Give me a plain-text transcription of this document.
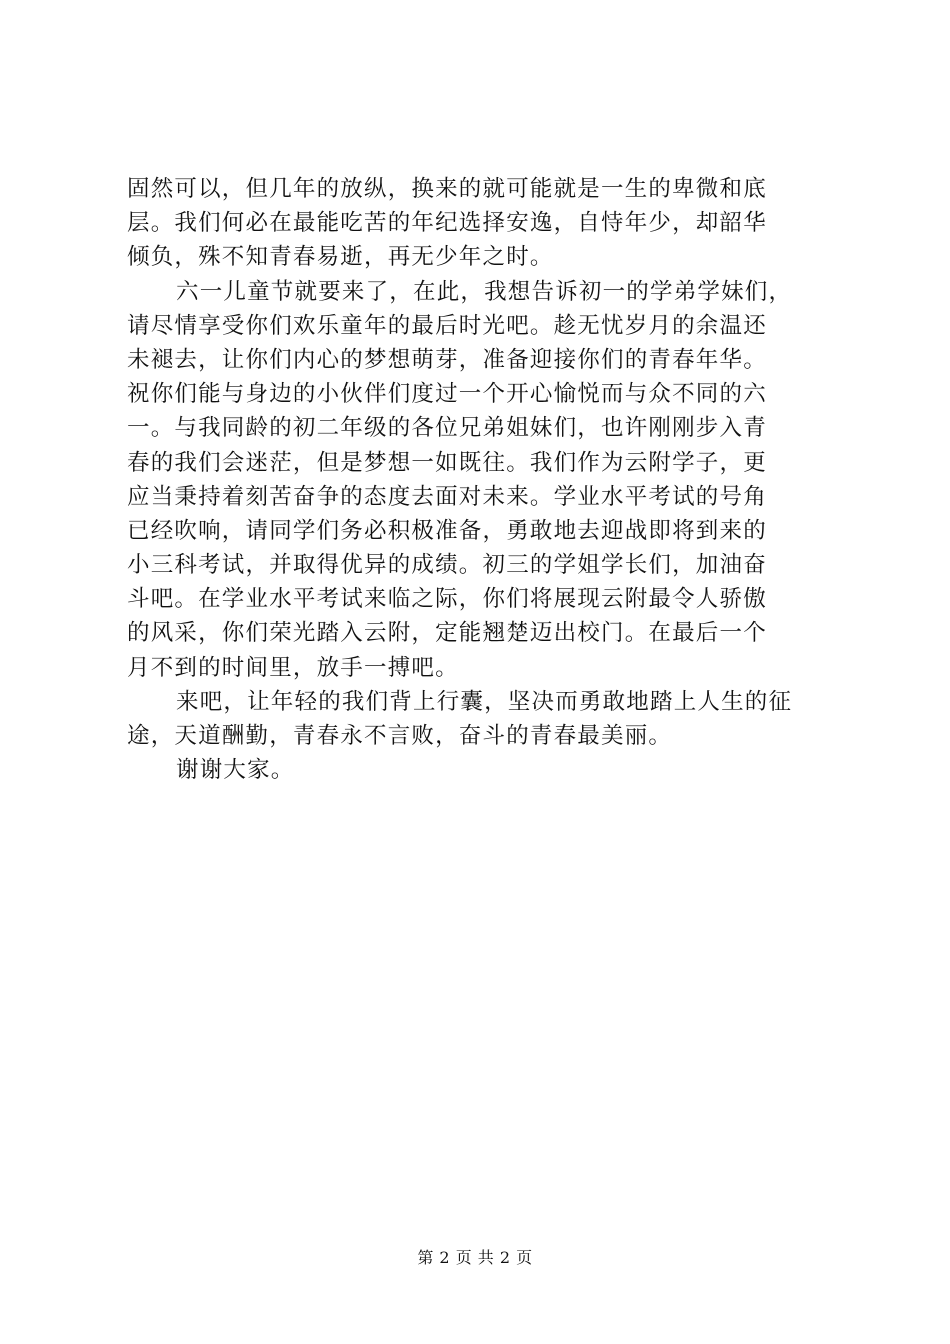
固然可以，但几年的放纵，换来的就可能就是一生的卑微和底
层。我们何必在最能吃苦的年纪选择安逸，自恃年少，却韶华
倾负，殊不知青春易逝，再无少年之时。
六一儿童节就要来了，在此，我想告诉初一的学弟学妹们，
请尽情享受你们欢乐童年的最后时光吧。趁无忧岁月的余温还
未褪去，让你们内心的梦想萌芽，准备迎接你们的青春年华。
祝你们能与身边的小伙伴们度过一个开心愉悦而与众不同的六
一。与我同龄的初二年级的各位兄弟姐妹们，也许刚刚步入青
春的我们会迷茫，但是梦想一如既往。我们作为云附学子，更
应当秉持着刻苦奋争的态度去面对未来。学业水平考试的号角
已经吹响，请同学们务必积极准备，勇敢地去迎战即将到来的
小三科考试，并取得优异的成绩。初三的学姐学长们，加油奋
斗吧。在学业水平考试来临之际，你们将展现云附最令人骄傲
的风采，你们荣光踏入云附，定能翘楚迈出校门。在最后一个
月不到的时间里，放手一搏吧。
来吧，让年轻的我们背上行囊，坚决而勇敢地踏上人生的征
途，天道酬勤，青春永不言败，奋斗的青春最美丽。
谢谢大家。
第 2 页 共 2 页
